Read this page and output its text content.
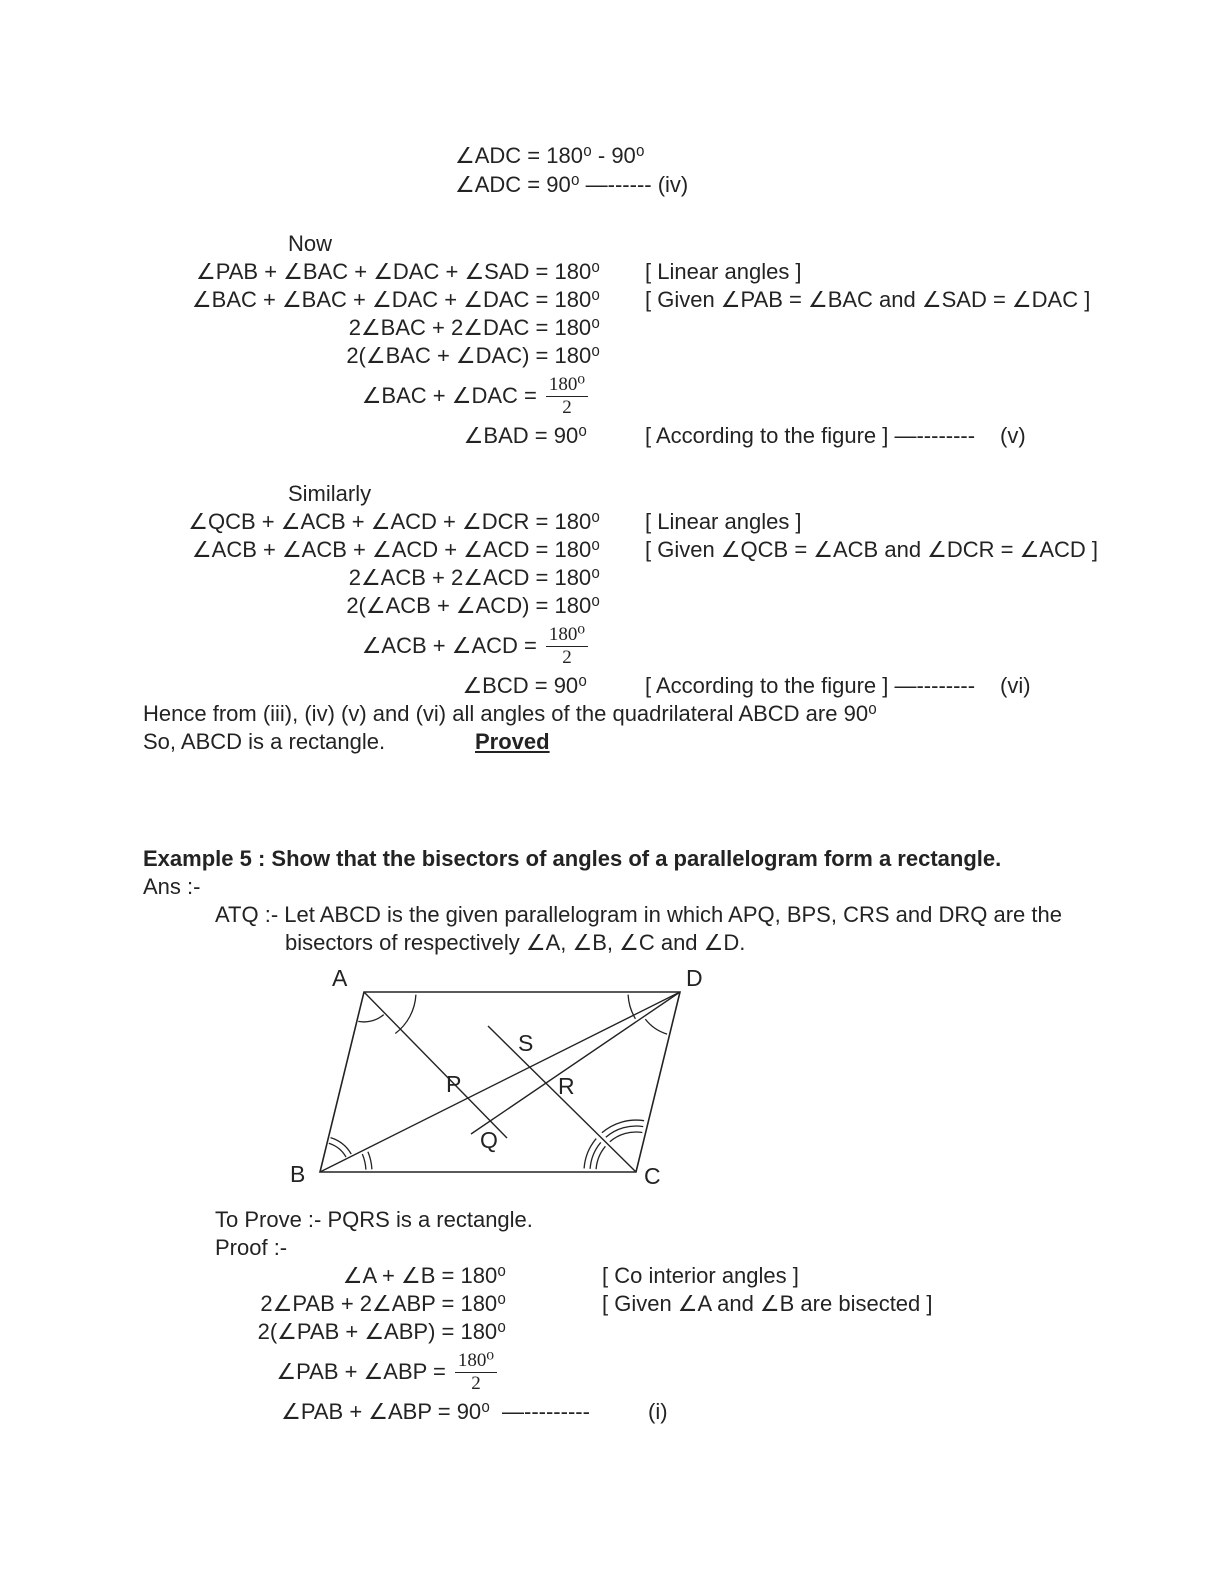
∠ADC = 180⁰ - 90⁰
∠ADC = 90⁰ —------ (iv)
Now
∠PAB + ∠BAC + ∠DAC + ∠SAD = 180⁰ [ Linear angles ]
∠BAC + ∠BAC + ∠DAC + ∠DAC = 180⁰ [ Given ∠PAB = ∠BAC and ∠SAD = ∠DAC ]
2∠BAC + 2∠DAC = 180⁰
2(∠BAC + ∠DAC) = 180⁰
∠BAC + ∠DAC = $\frac{\text{180⁰}}{2}$
∠BAD = 90⁰	[ According to the figure ] —-------- (v)
Similarly
∠QCB + ∠ACB + ∠ACD + ∠DCR = 180⁰ [ Linear angles ]
∠ACB + ∠ACB + ∠ACD + ∠ACD = 180⁰ [ Given ∠QCB = ∠ACB and ∠DCR = ∠ACD ]
2∠ACB + 2∠ACD = 180⁰
2(∠ACB + ∠ACD) = 180⁰
∠ACB + ∠ACD = $\frac{\text{180⁰}}{2}$
∠BCD = 90⁰	[ According to the figure ] —-------- (vi)
Hence from (iii), (iv) (v) and (vi) all angles of the quadrilateral ABCD are 90⁰
So, ABCD is a rectangle.	Proved
Example 5 : Show that the bisectors of angles of a parallelogram form a rectangle.
Ans :-
ATQ :- Let ABCD is the given parallelogram in which APQ, BPS, CRS and DRQ are the
bisectors of respectively ∠A, ∠B, ∠C and ∠D.
A	D
B	C
P
Q
R
S
To Prove :- PQRS is a rectangle.
Proof :-
∠A + ∠B = 180⁰	[ Co interior angles ]
2∠PAB + 2∠ABP = 180⁰	[ Given ∠A and ∠B are bisected ]
2(∠PAB + ∠ABP) = 180⁰
∠PAB + ∠ABP = $\frac{\text{180⁰}}{2}$
∠PAB + ∠ABP = 90⁰ —---------	(i)
